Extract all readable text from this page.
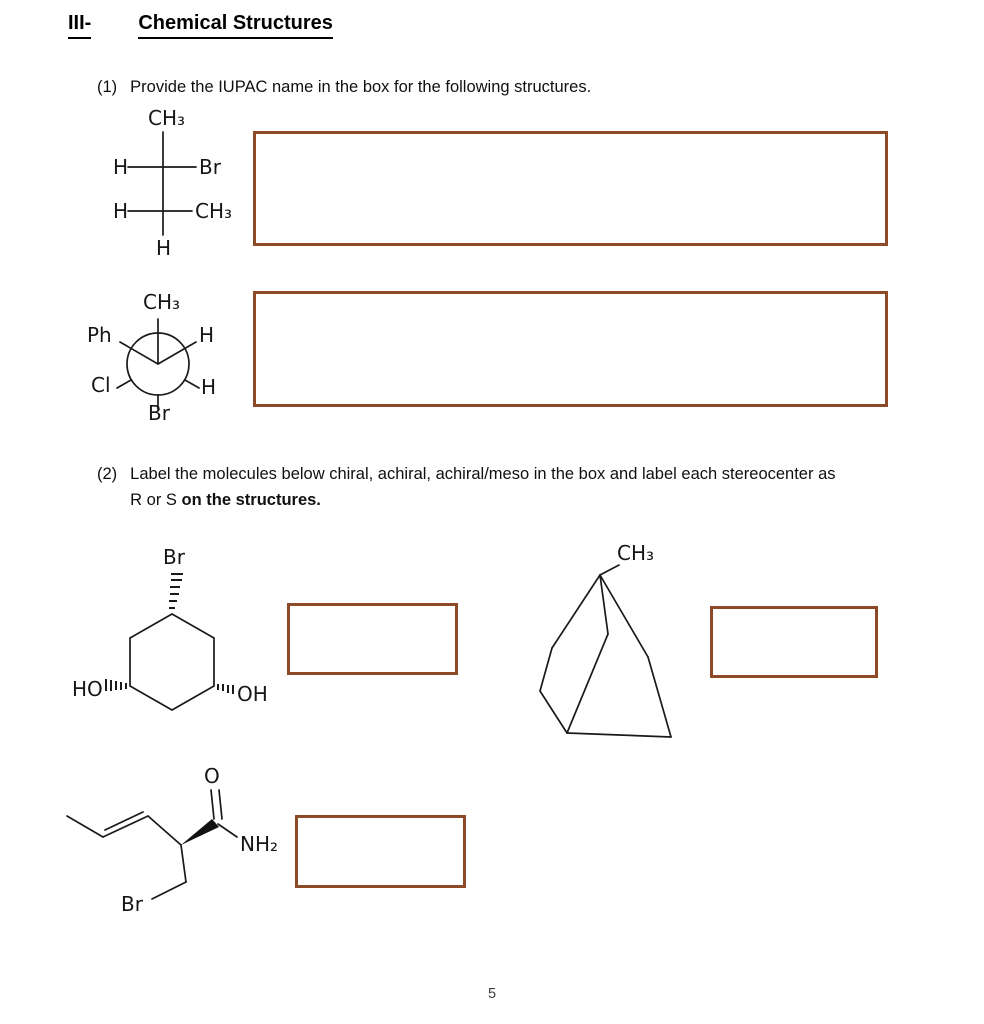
III- Chemical Structures
(1) Provide the IUPAC name in the box for the following structures.
CH₃
H	Br
H	CH₃
H
CH₃
Ph	H
Cl	H
Br
(2) Label the molecules below chiral, achiral, achiral/meso in the box and label each stereocenter as
R or S on the structures.
Br
HO	OH
CH₃
O
NH₂
Br
5
